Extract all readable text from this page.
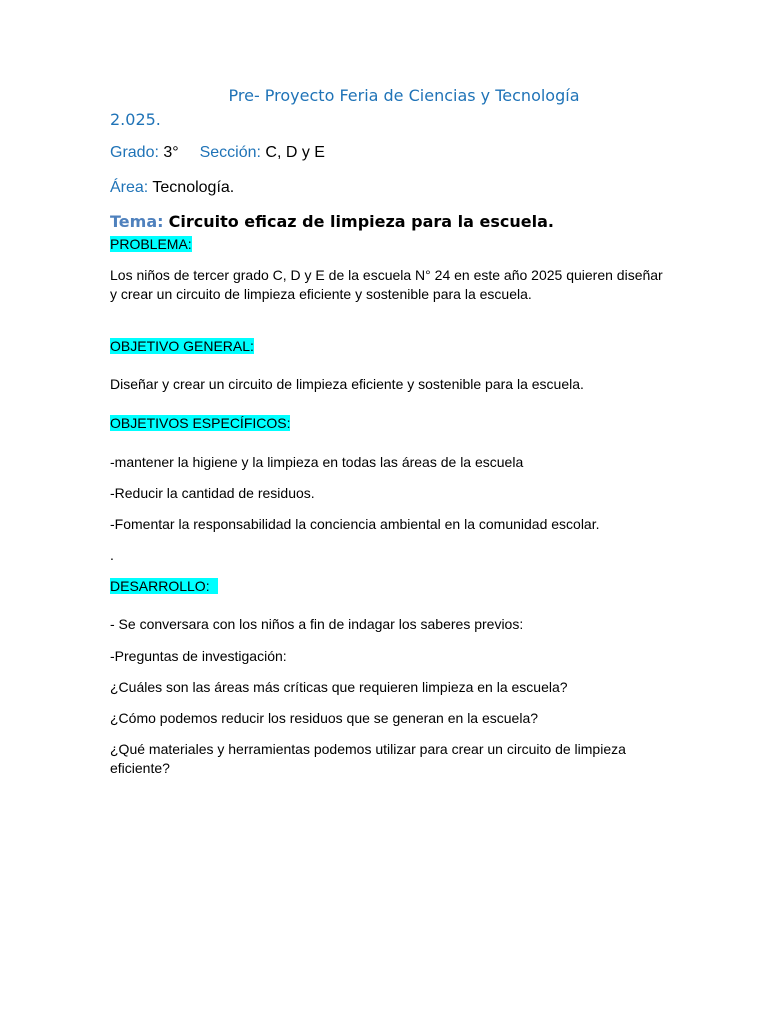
Pre- Proyecto Feria de Ciencias y Tecnología
2.025.
Grado: 3° Sección: C, D y E
Área: Tecnología.
Tema: Circuito eficaz de limpieza para la escuela.
PROBLEMA:
Los niños de tercer grado C, D y E de la escuela N° 24 en este año 2025 quieren diseñar y crear un circuito de limpieza eficiente y sostenible para la escuela.
OBJETIVO GENERAL:
Diseñar y crear un circuito de limpieza eficiente y sostenible para la escuela.
OBJETIVOS ESPECÍFICOS:
-mantener la higiene y la limpieza en todas las áreas de la escuela
-Reducir la cantidad de residuos.
-Fomentar la responsabilidad la conciencia ambiental en la comunidad escolar.
.
DESARROLLO:
- Se conversara con los niños a fin de indagar los saberes previos:
-Preguntas de investigación:
¿Cuáles son las áreas más críticas que requieren limpieza en la escuela?
¿Cómo podemos reducir los residuos que se generan en la escuela?
¿Qué materiales y herramientas podemos utilizar para crear un circuito de limpieza eficiente?
